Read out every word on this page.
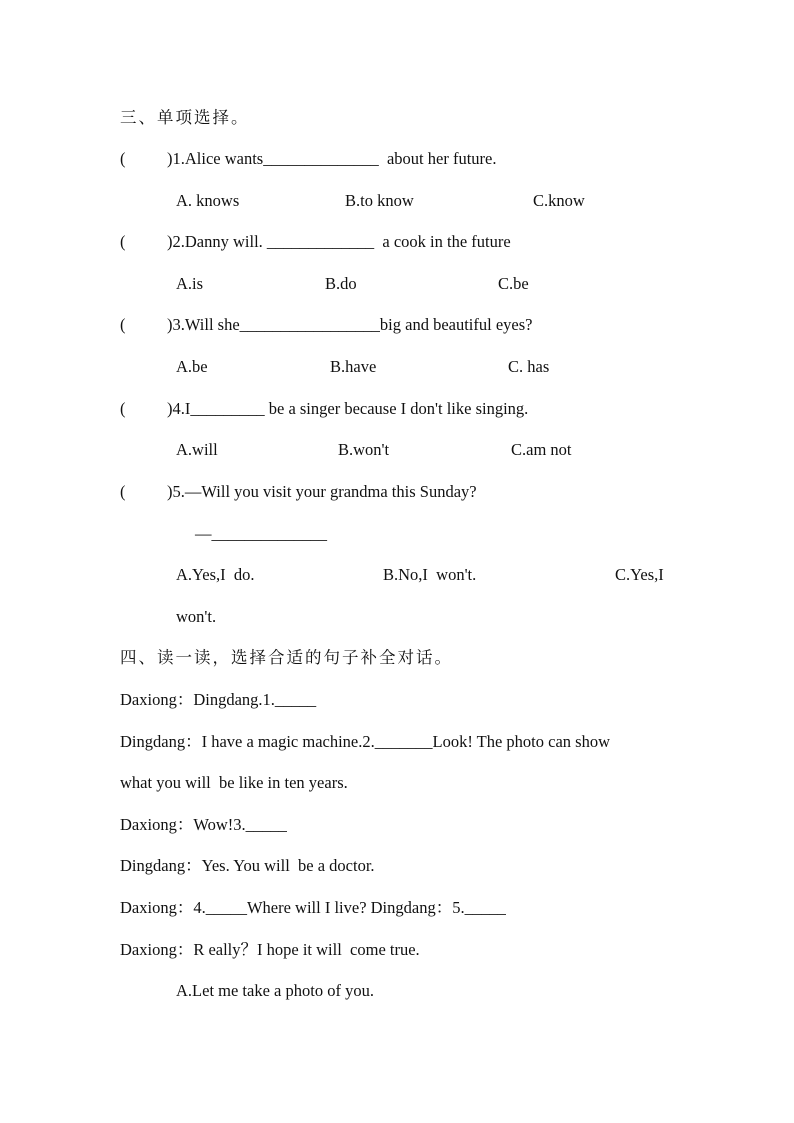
三、单项选择。
(	)1.Alice wants______________  about her future.
A. knows	B.to know	C.know
(	)2.Danny will. _____________  a cook in the future
A.is	B.do	C.be
(	)3.Will she_________________big and beautiful eyes?
A.be	B.have	C. has
(	)4.I_________ be a singer because I don't like singing.
A.will	B.won't	C.am not
(	)5.—Will you visit your grandma this Sunday?
—______________
A.Yes,I  do.	B.No,I  won't.	C.Yes,I
won't.
四、读一读，选择合适的句子补全对话。
Daxiong：Dingdang.1._____
Dingdang：I have a magic machine.2._______Look! The photo can show
what you will  be like in ten years.
Daxiong：Wow!3._____
Dingdang：Yes. You will  be a doctor.
Daxiong：4._____Where will I live? Dingdang：5._____
Daxiong：R eally？I hope it will  come true.
A.Let me take a photo of you.
